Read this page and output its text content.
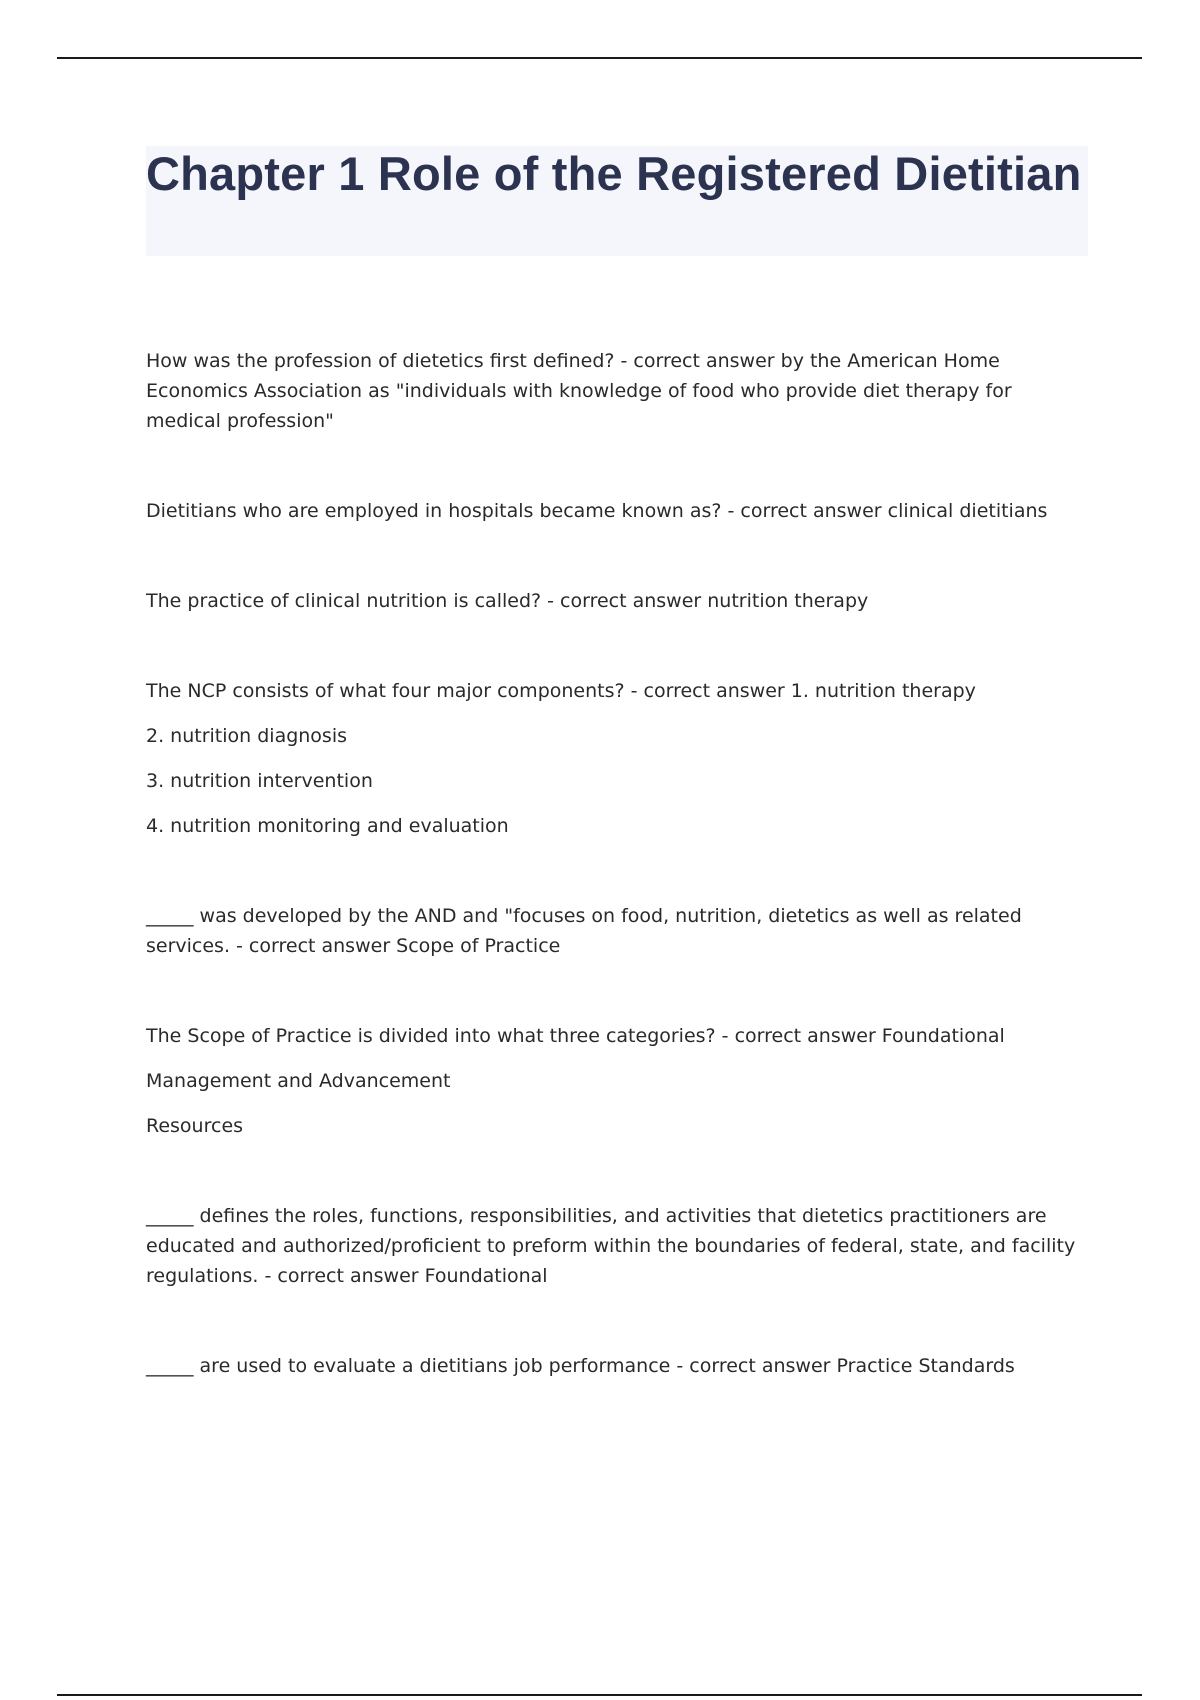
Chapter 1 Role of the Registered Dietitian

How was the profession of dietetics first defined? - correct answer by the American Home Economics Association as "individuals with knowledge of food who provide diet therapy for medical profession"

Dietitians who are employed in hospitals became known as? - correct answer clinical dietitians

The practice of clinical nutrition is called? - correct answer nutrition therapy

The NCP consists of what four major components? - correct answer 1. nutrition therapy

2. nutrition diagnosis

3. nutrition intervention

4. nutrition monitoring and evaluation

_____ was developed by the AND and "focuses on food, nutrition, dietetics as well as related services. - correct answer Scope of Practice

The Scope of Practice is divided into what three categories? - correct answer Foundational

Management and Advancement

Resources

_____ defines the roles, functions, responsibilities, and activities that dietetics practitioners are educated and authorized/proficient to preform within the boundaries of federal, state, and facility regulations. - correct answer Foundational

_____ are used to evaluate a dietitians job performance - correct answer Practice Standards
